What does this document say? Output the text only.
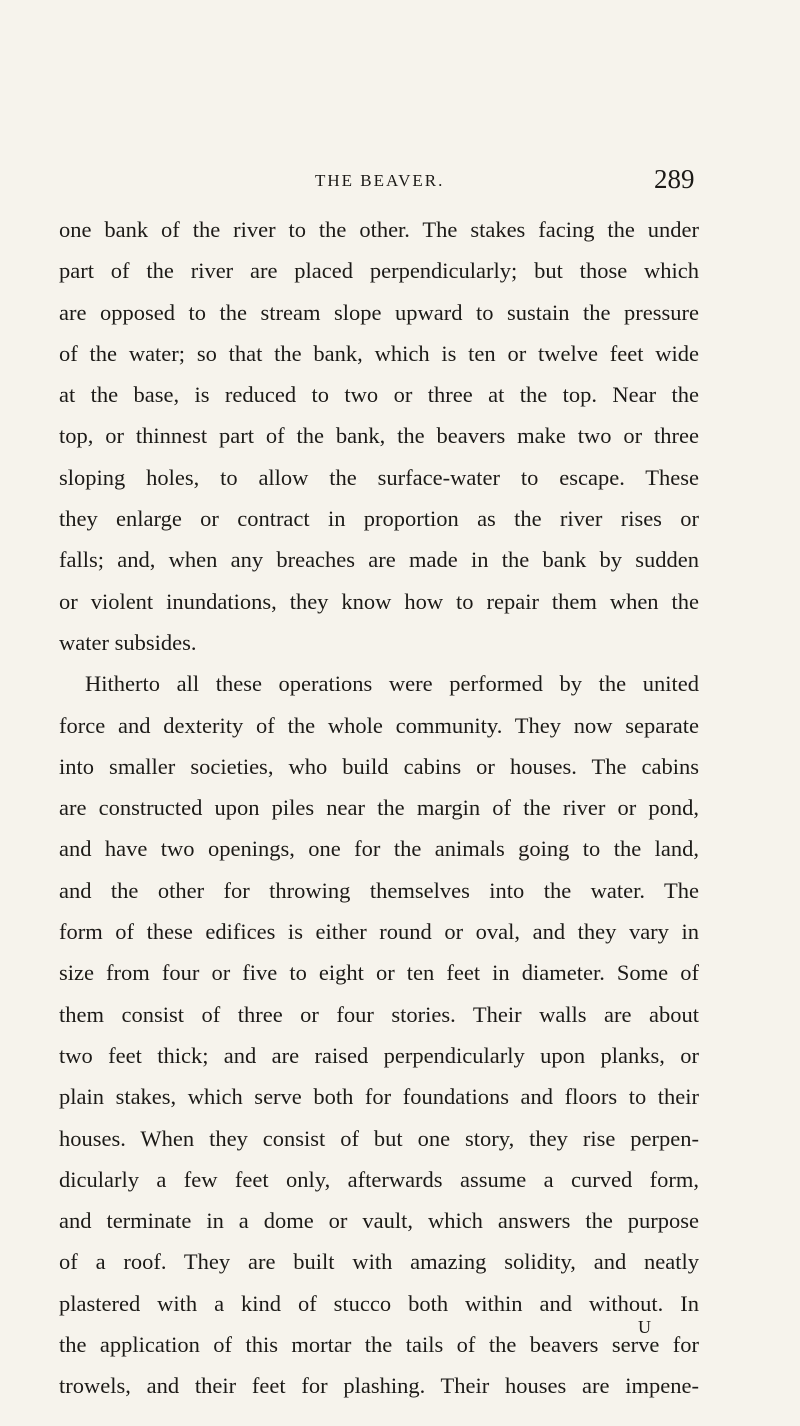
THE BEAVER.	289
one bank of the river to the other. The stakes facing the under
part of the river are placed perpendicularly; but those which
are opposed to the stream slope upward to sustain the pressure
of the water; so that the bank, which is ten or twelve feet wide
at the base, is reduced to two or three at the top. Near the
top, or thinnest part of the bank, the beavers make two or three
sloping holes, to allow the surface-water to escape. These
they enlarge or contract in proportion as the river rises or
falls; and, when any breaches are made in the bank by sudden
or violent inundations, they know how to repair them when the
water subsides.
Hitherto all these operations were performed by the united
force and dexterity of the whole community. They now separate
into smaller societies, who build cabins or houses. The cabins
are constructed upon piles near the margin of the river or pond,
and have two openings, one for the animals going to the land,
and the other for throwing themselves into the water. The
form of these edifices is either round or oval, and they vary in
size from four or five to eight or ten feet in diameter. Some of
them consist of three or four stories. Their walls are about
two feet thick; and are raised perpendicularly upon planks, or
plain stakes, which serve both for foundations and floors to their
houses. When they consist of but one story, they rise perpen-
dicularly a few feet only, afterwards assume a curved form,
and terminate in a dome or vault, which answers the purpose
of a roof. They are built with amazing solidity, and neatly
plastered with a kind of stucco both within and without. In
the application of this mortar the tails of the beavers serve for
trowels, and their feet for plashing. Their houses are impene-
U
